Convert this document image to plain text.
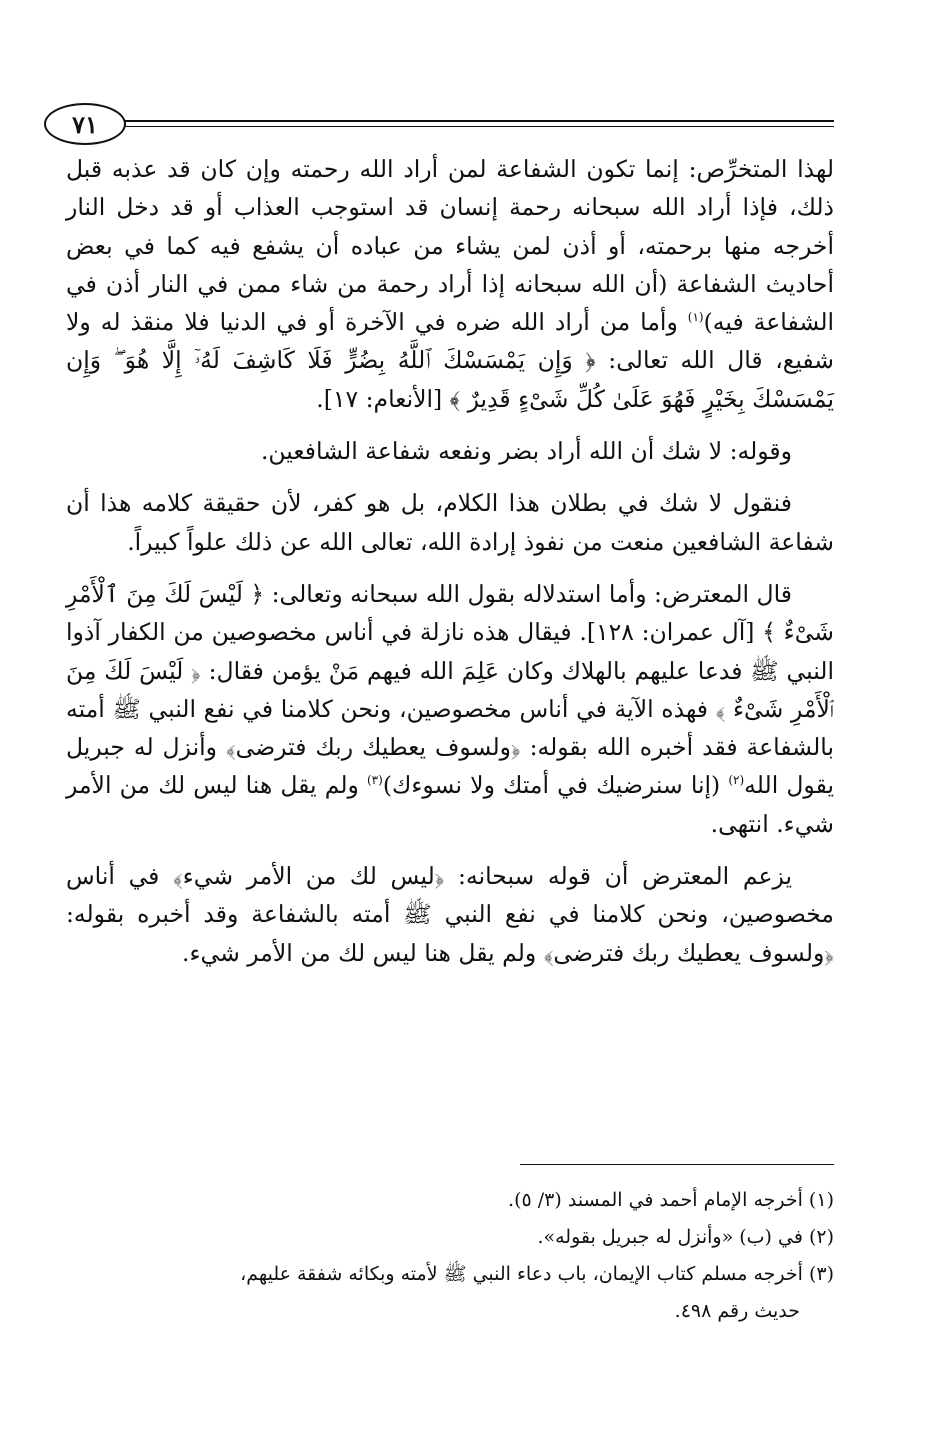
٧١

لهذا المتخرِّص: إنما تكون الشفاعة لمن أراد الله رحمته وإن كان قد عذبه قبل ذلك، فإذا أراد الله سبحانه رحمة إنسان قد استوجب العذاب أو قد دخل النار أخرجه منها برحمته، أو أذن لمن يشاء من عباده أن يشفع فيه كما في بعض أحاديث الشفاعة (أن الله سبحانه إذا أراد رحمة من شاء ممن في النار أذن في الشفاعة فيه)$^{(١)}$ وأما من أراد الله ضره في الآخرة أو في الدنيا فلا منقذ له ولا شفيع، قال الله تعالى: ﴿ وَإِن يَمْسَسْكَ ٱللَّهُ بِضُرٍّ فَلَا كَاشِفَ لَهُۥٓ إِلَّا هُوَ ۖ وَإِن يَمْسَسْكَ بِخَيْرٍ فَهُوَ عَلَىٰ كُلِّ شَىْءٍ قَدِيرٌ ﴾ [الأنعام: ١٧].

وقوله: لا شك أن الله أراد بضر ونفعه شفاعة الشافعين.

فنقول لا شك في بطلان هذا الكلام، بل هو كفر، لأن حقيقة كلامه هذا أن شفاعة الشافعين منعت من نفوذ إرادة الله، تعالى الله عن ذلك علواً كبيراً.

قال المعترض: وأما استدلاله بقول الله سبحانه وتعالى: ﴿ لَيْسَ لَكَ مِنَ ٱلْأَمْرِ شَىْءٌ ﴾ [آل عمران: ١٢٨]. فيقال هذه نازلة في أناس مخصوصين من الكفار آذوا النبي ﷺ فدعا عليهم بالهلاك وكان عَلِمَ الله فيهم مَنْ يؤمن فقال: ﴿ لَيْسَ لَكَ مِنَ ٱلْأَمْرِ شَىْءٌ ﴾ فهذه الآية في أناس مخصوصين، ونحن كلامنا في نفع النبي ﷺ أمته بالشفاعة فقد أخبره الله بقوله: ﴿ولسوف يعطيك ربك فترضى﴾ وأنزل له جبريل يقول الله$^{(٢)}$ (إنا سنرضيك في أمتك ولا نسوءك)$^{(٣)}$ ولم يقل هنا ليس لك من الأمر شيء. انتهى.

يزعم المعترض أن قوله سبحانه: ﴿ليس لك من الأمر شيء﴾ في أناس مخصوصين، ونحن كلامنا في نفع النبي ﷺ أمته بالشفاعة وقد أخبره بقوله: ﴿ولسوف يعطيك ربك فترضى﴾ ولم يقل هنا ليس لك من الأمر شيء.

(١) أخرجه الإمام أحمد في المسند (٣/ ٥).

(٢) في (ب) «وأنزل له جبريل بقوله».

(٣) أخرجه مسلم كتاب الإيمان، باب دعاء النبي ﷺ لأمته وبكائه شفقة عليهم،

حديث رقم ٤٩٨.
